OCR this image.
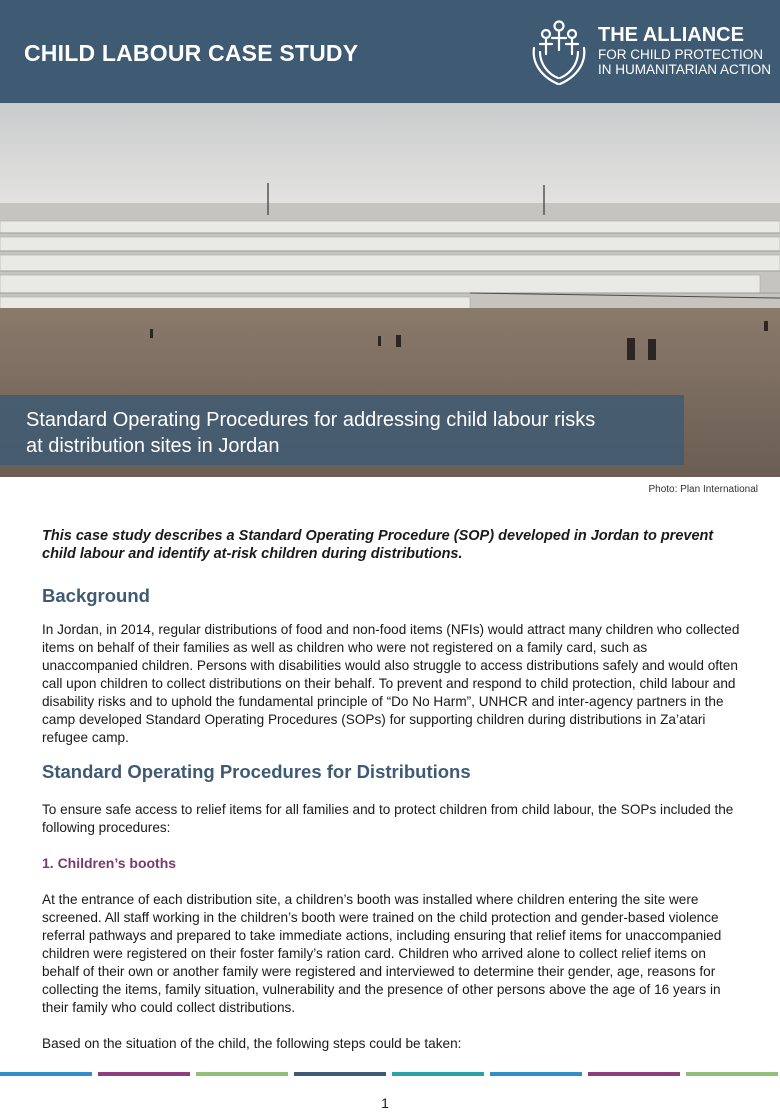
CHILD LABOUR CASE STUDY
THE ALLIANCE
FOR CHILD PROTECTION
IN HUMANITARIAN ACTION
Standard Operating Procedures for addressing child labour risks
at distribution sites in Jordan
Photo: Plan International

This case study describes a Standard Operating Procedure (SOP) developed in Jordan to prevent child labour and identify at-risk children during distributions.

Background

In Jordan, in 2014, regular distributions of food and non-food items (NFIs) would attract many children who collected items on behalf of their families as well as children who were not registered on a family card, such as unaccompanied children. Persons with disabilities would also struggle to access distributions safely and would often call upon children to collect distributions on their behalf. To prevent and respond to child protection, child labour and disability risks and to uphold the fundamental principle of “Do No Harm”, UNHCR and inter-agency partners in the camp developed Standard Operating Procedures (SOPs) for supporting children during distributions in Za’atari refugee camp.

Standard Operating Procedures for Distributions

To ensure safe access to relief items for all families and to protect children from child labour, the SOPs included the following procedures:

1. Children’s booths

At the entrance of each distribution site, a children’s booth was installed where children entering the site were screened. All staff working in the children’s booth were trained on the child protection and gender-based violence referral pathways and prepared to take immediate actions, including ensuring that relief items for unaccompanied children were registered on their foster family’s ration card. Children who arrived alone to collect relief items on behalf of their own or another family were registered and interviewed to determine their gender, age, reasons for collecting the items, family situation, vulnerability and the presence of other persons above the age of 16 years in their family who could collect distributions.

Based on the situation of the child, the following steps could be taken:

1
